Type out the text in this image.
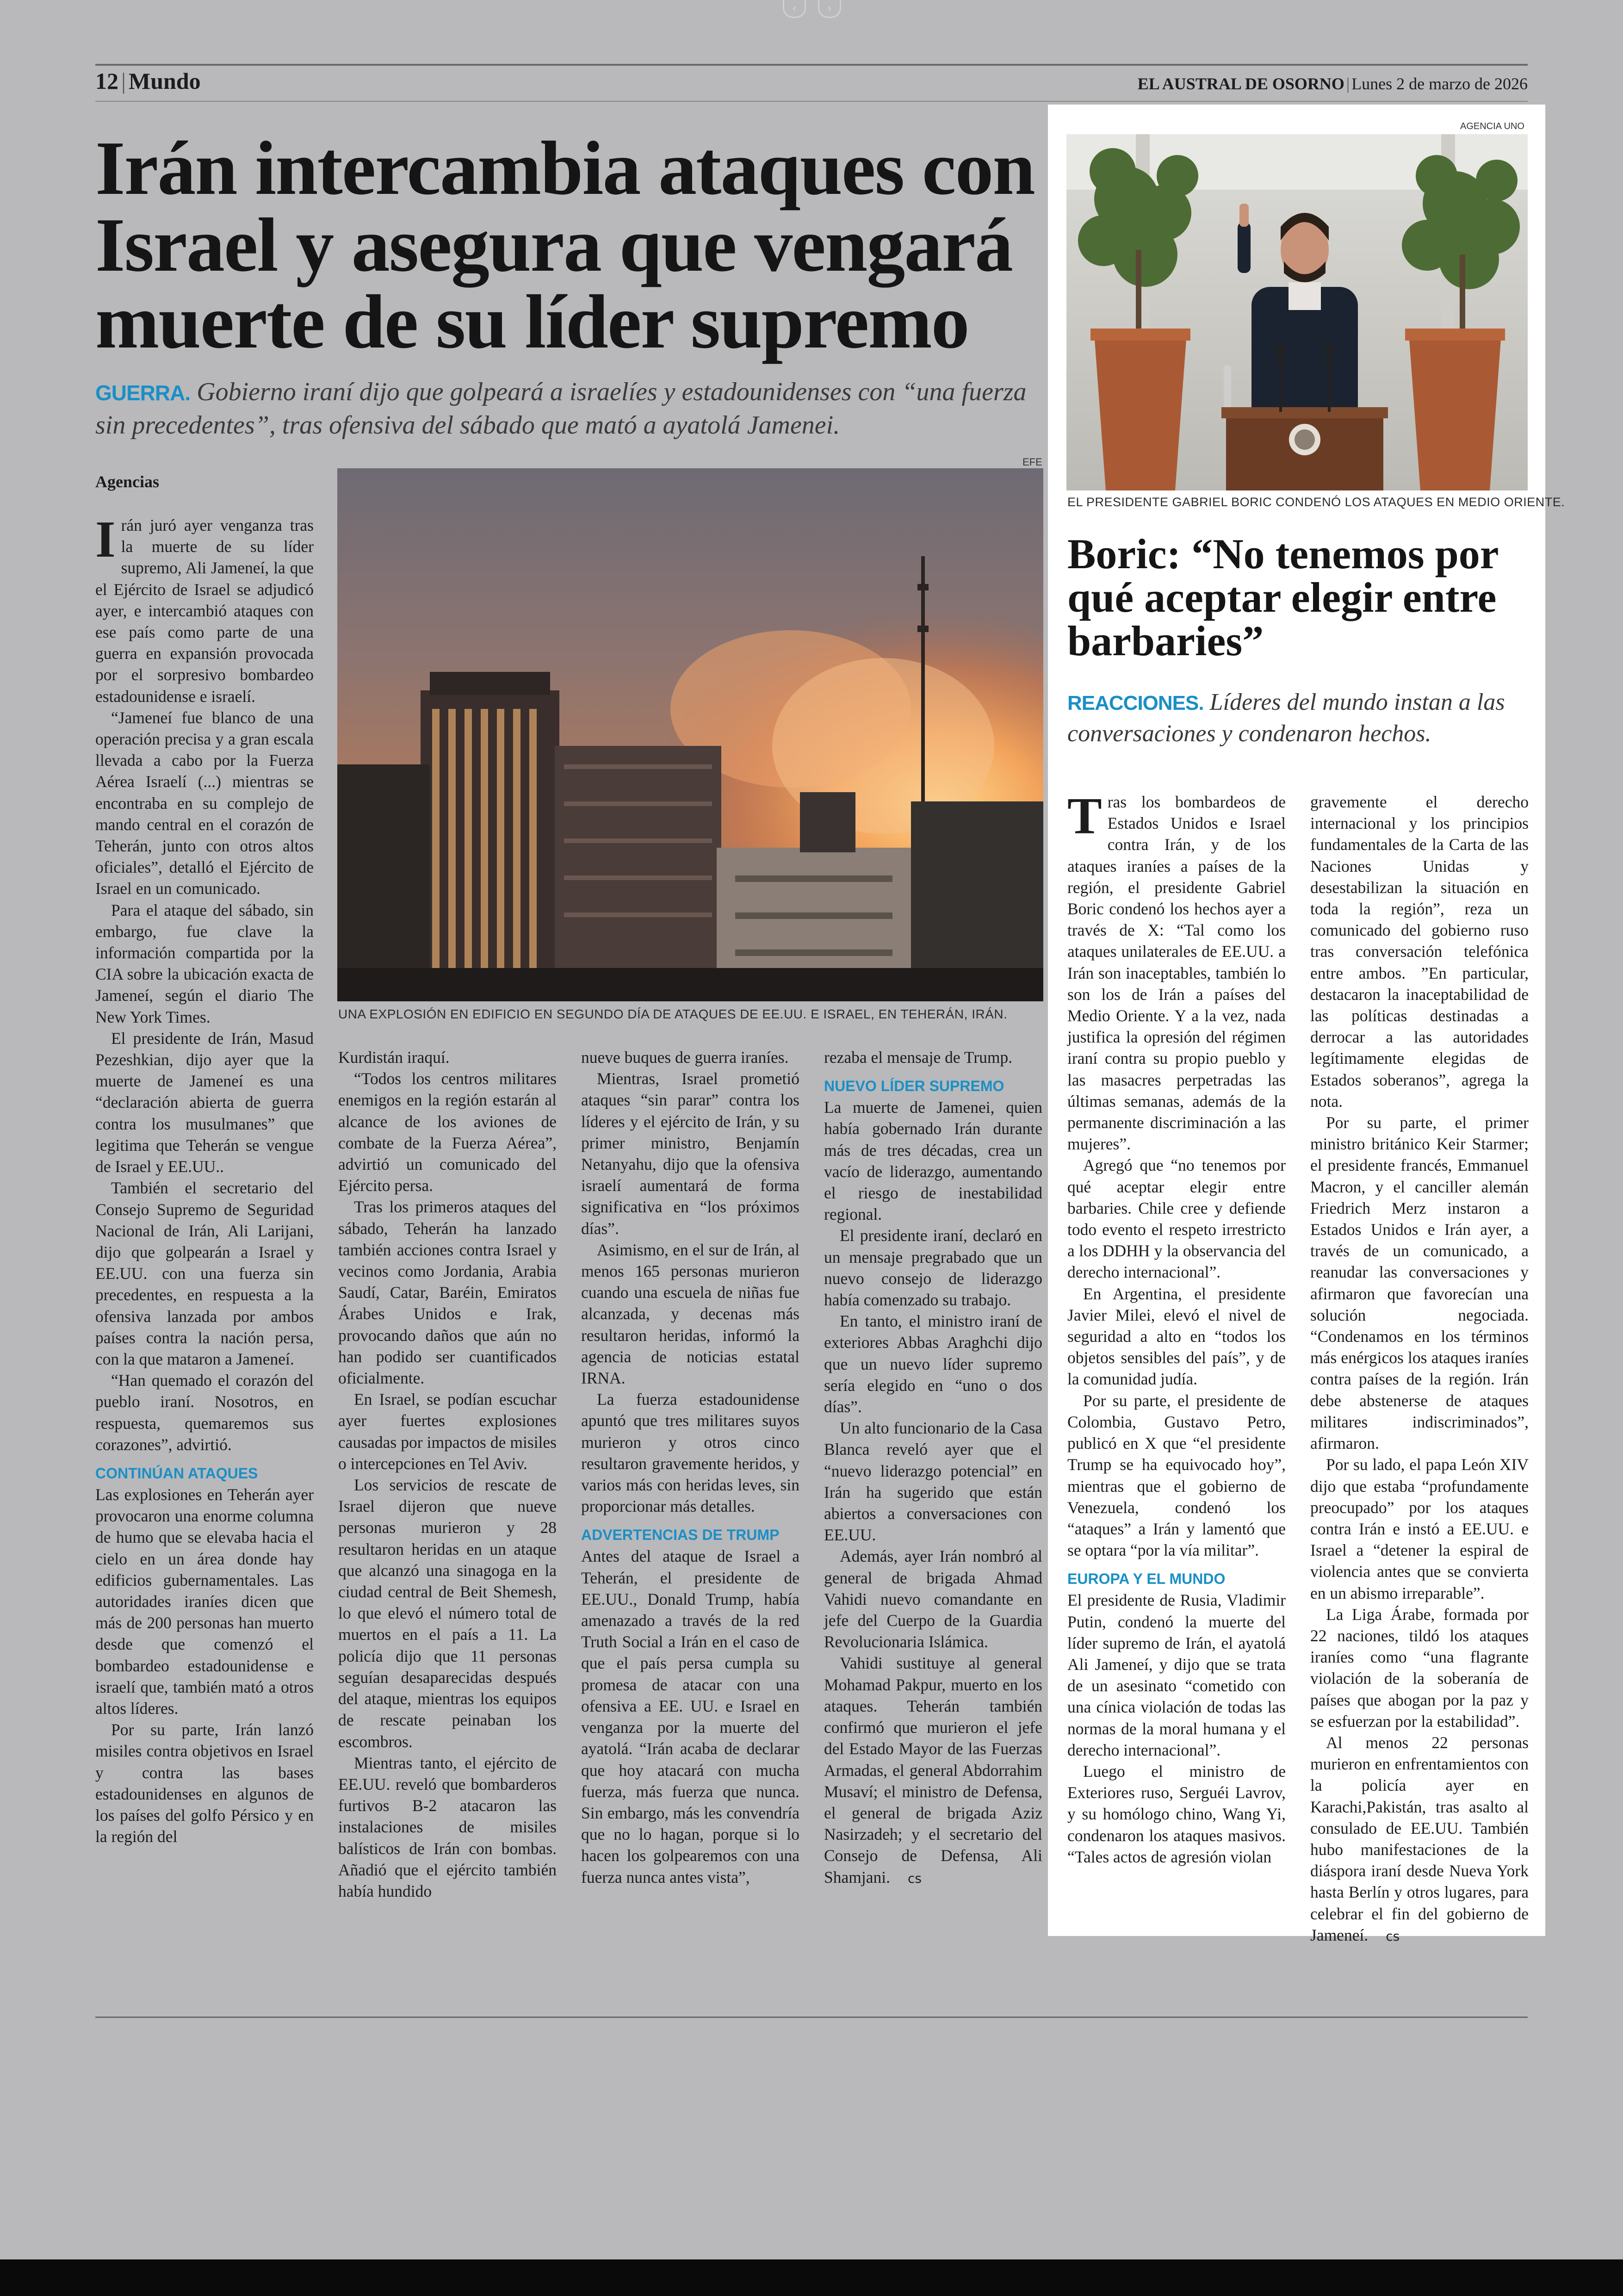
‹	›
12 | Mundo	EL AUSTRAL DE OSORNO | Lunes 2 de marzo de 2026
Irán intercambia ataques con Israel y asegura que vengará muerte de su líder supremo
GUERRA. Gobierno iraní dijo que golpeará a israelíes y estadounidenses con “una fuerza sin precedentes”, tras ofensiva del sábado que mató a ayatolá Jamenei.
Agencias
EFE
UNA EXPLOSIÓN EN EDIFICIO EN SEGUNDO DÍA DE ATAQUES DE EE.UU. E ISRAEL, EN TEHERÁN, IRÁN.

Irán juró ayer venganza tras la muerte de su líder supremo, Ali Jameneí, la que el Ejército de Israel se adjudicó ayer, e intercambió ataques con ese país como parte de una guerra en expansión provocada por el sorpresivo bombardeo estadounidense e israelí.

“Jameneí fue blanco de una operación precisa y a gran escala llevada a cabo por la Fuerza Aérea Israelí (...) mientras se encontraba en su complejo de mando central en el corazón de Teherán, junto con otros altos oficiales”, detalló el Ejército de Israel en un comunicado.

Para el ataque del sábado, sin embargo, fue clave la información compartida por la CIA sobre la ubicación exacta de Jameneí, según el diario The New York Times.

El presidente de Irán, Masud Pezeshkian, dijo ayer que la muerte de Jameneí es una “declaración abierta de guerra contra los musulmanes” que legitima que Teherán se vengue de Israel y EE.UU..

También el secretario del Consejo Supremo de Seguridad Nacional de Irán, Ali Larijani, dijo que golpearán a Israel y EE.UU. con una fuerza sin precedentes, en respuesta a la ofensiva lanzada por ambos países contra la nación persa, con la que mataron a Jameneí.

“Han quemado el corazón del pueblo iraní. Nosotros, en respuesta, quemaremos sus corazones”, advirtió.

CONTINÚAN ATAQUES

Las explosiones en Teherán ayer provocaron una enorme columna de humo que se elevaba hacia el cielo en un área donde hay edificios gubernamentales. Las autoridades iraníes dicen que más de 200 personas han muerto desde que comenzó el bombardeo estadounidense e israelí que, también mató a otros altos líderes.

Por su parte, Irán lanzó misiles contra objetivos en Israel y contra las bases estadounidenses en algunos de los países del golfo Pérsico y en la región del

Kurdistán iraquí.

“Todos los centros militares enemigos en la región estarán al alcance de los aviones de combate de la Fuerza Aérea”, advirtió un comunicado del Ejército persa.

Tras los primeros ataques del sábado, Teherán ha lanzado también acciones contra Israel y vecinos como Jordania, Arabia Saudí, Catar, Baréin, Emiratos Árabes Unidos e Irak, provocando daños que aún no han podido ser cuantificados oficialmente.

En Israel, se podían escuchar ayer fuertes explosiones causadas por impactos de misiles o intercepciones en Tel Aviv.

Los servicios de rescate de Israel dijeron que nueve personas murieron y 28 resultaron heridas en un ataque que alcanzó una sinagoga en la ciudad central de Beit Shemesh, lo que elevó el número total de muertos en el país a 11. La policía dijo que 11 personas seguían desaparecidas después del ataque, mientras los equipos de rescate peinaban los escombros.

Mientras tanto, el ejército de EE.UU. reveló que bombarderos furtivos B-2 atacaron las instalaciones de misiles balísticos de Irán con bombas. Añadió que el ejército también había hundido

nueve buques de guerra iraníes.

Mientras, Israel prometió ataques “sin parar” contra los líderes y el ejército de Irán, y su primer ministro, Benjamín Netanyahu, dijo que la ofensiva israelí aumentará de forma significativa en “los próximos días”.

Asimismo, en el sur de Irán, al menos 165 personas murieron cuando una escuela de niñas fue alcanzada, y decenas más resultaron heridas, informó la agencia de noticias estatal IRNA.

La fuerza estadounidense apuntó que tres militares suyos murieron y otros cinco resultaron gravemente heridos, y varios más con heridas leves, sin proporcionar más detalles.

ADVERTENCIAS DE TRUMP

Antes del ataque de Israel a Teherán, el presidente de EE.UU., Donald Trump, había amenazado a través de la red Truth Social a Irán en el caso de que el país persa cumpla su promesa de atacar con una ofensiva a EE. UU. e Israel en venganza por la muerte del ayatolá. “Irán acaba de declarar que hoy atacará con mucha fuerza, más fuerza que nunca. Sin embargo, más les convendría que no lo hagan, porque si lo hacen los golpearemos con una fuerza nunca antes vista”,

rezaba el mensaje de Trump.

NUEVO LÍDER SUPREMO

La muerte de Jamenei, quien había gobernado Irán durante más de tres décadas, crea un vacío de liderazgo, aumentando el riesgo de inestabilidad regional.

El presidente iraní, declaró en un mensaje pregrabado que un nuevo consejo de liderazgo había comenzado su trabajo.

En tanto, el ministro iraní de exteriores Abbas Araghchi dijo que un nuevo líder supremo sería elegido en “uno o dos días”.

Un alto funcionario de la Casa Blanca reveló ayer que el “nuevo liderazgo potencial” en Irán ha sugerido que están abiertos a conversaciones con EE.UU.

Además, ayer Irán nombró al general de brigada Ahmad Vahidi nuevo comandante en jefe del Cuerpo de la Guardia Revolucionaria Islámica.

Vahidi sustituye al general Mohamad Pakpur, muerto en los ataques. Teherán también confirmó que murieron el jefe del Estado Mayor de las Fuerzas Armadas, el general Abdorrahim Musaví; el ministro de Defensa, el general de brigada Aziz Nasirzadeh; y el secretario del Consejo de Defensa, Ali Shamjani. cs

AGENCIA UNO
EL PRESIDENTE GABRIEL BORIC CONDENÓ LOS ATAQUES EN MEDIO ORIENTE.
Boric: “No tenemos por qué aceptar elegir entre barbaries”
REACCIONES. Líderes del mundo instan a las conversaciones y condenaron hechos.

Tras los bombardeos de Estados Unidos e Israel contra Irán, y de los ataques iraníes a países de la región, el presidente Gabriel Boric condenó los hechos ayer a través de X: “Tal como los ataques unilaterales de EE.UU. a Irán son inaceptables, también lo son los de Irán a países del Medio Oriente. Y a la vez, nada justifica la opresión del régimen iraní contra su propio pueblo y las masacres perpetradas las últimas semanas, además de la permanente discriminación a las mujeres”.

Agregó que “no tenemos por qué aceptar elegir entre barbaries. Chile cree y defiende todo evento el respeto irrestricto a los DDHH y la observancia del derecho internacional”.

En Argentina, el presidente Javier Milei, elevó el nivel de seguridad a alto en “todos los objetos sensibles del país”, y de la comunidad judía.

Por su parte, el presidente de Colombia, Gustavo Petro, publicó en X que “el presidente Trump se ha equivocado hoy”, mientras que el gobierno de Venezuela, condenó los “ataques” a Irán y lamentó que se optara “por la vía militar”.

EUROPA Y EL MUNDO

El presidente de Rusia, Vladimir Putin, condenó la muerte del líder supremo de Irán, el ayatolá Ali Jameneí, y dijo que se trata de un asesinato “cometido con una cínica violación de todas las normas de la moral humana y el derecho internacional”.

Luego el ministro de Exteriores ruso, Serguéi Lavrov, y su homólogo chino, Wang Yi, condenaron los ataques masivos. “Tales actos de agresión violan

gravemente el derecho internacional y los principios fundamentales de la Carta de las Naciones Unidas y desestabilizan la situación en toda la región”, reza un comunicado del gobierno ruso tras conversación telefónica entre ambos. ”En particular, destacaron la inaceptabilidad de las políticas destinadas a derrocar a las autoridades legítimamente elegidas de Estados soberanos”, agrega la nota.

Por su parte, el primer ministro británico Keir Starmer; el presidente francés, Emmanuel Macron, y el canciller alemán Friedrich Merz instaron a Estados Unidos e Irán ayer, a través de un comunicado, a reanudar las conversaciones y afirmaron que favorecían una solución negociada. “Condenamos en los términos más enérgicos los ataques iraníes contra países de la región. Irán debe abstenerse de ataques militares indiscriminados”, afirmaron.

Por su lado, el papa León XIV dijo que estaba “profundamente preocupado” por los ataques contra Irán e instó a EE.UU. e Israel a “detener la espiral de violencia antes que se convierta en un abismo irreparable”.

La Liga Árabe, formada por 22 naciones, tildó los ataques iraníes como “una flagrante violación de la soberanía de países que abogan por la paz y se esfuerzan por la estabilidad”.

Al menos 22 personas murieron en enfrentamientos con la policía ayer en Karachi,Pakistán, tras asalto al consulado de EE.UU. También hubo manifestaciones de la diáspora iraní desde Nueva York hasta Berlín y otros lugares, para celebrar el fin del gobierno de Jameneí. cs
